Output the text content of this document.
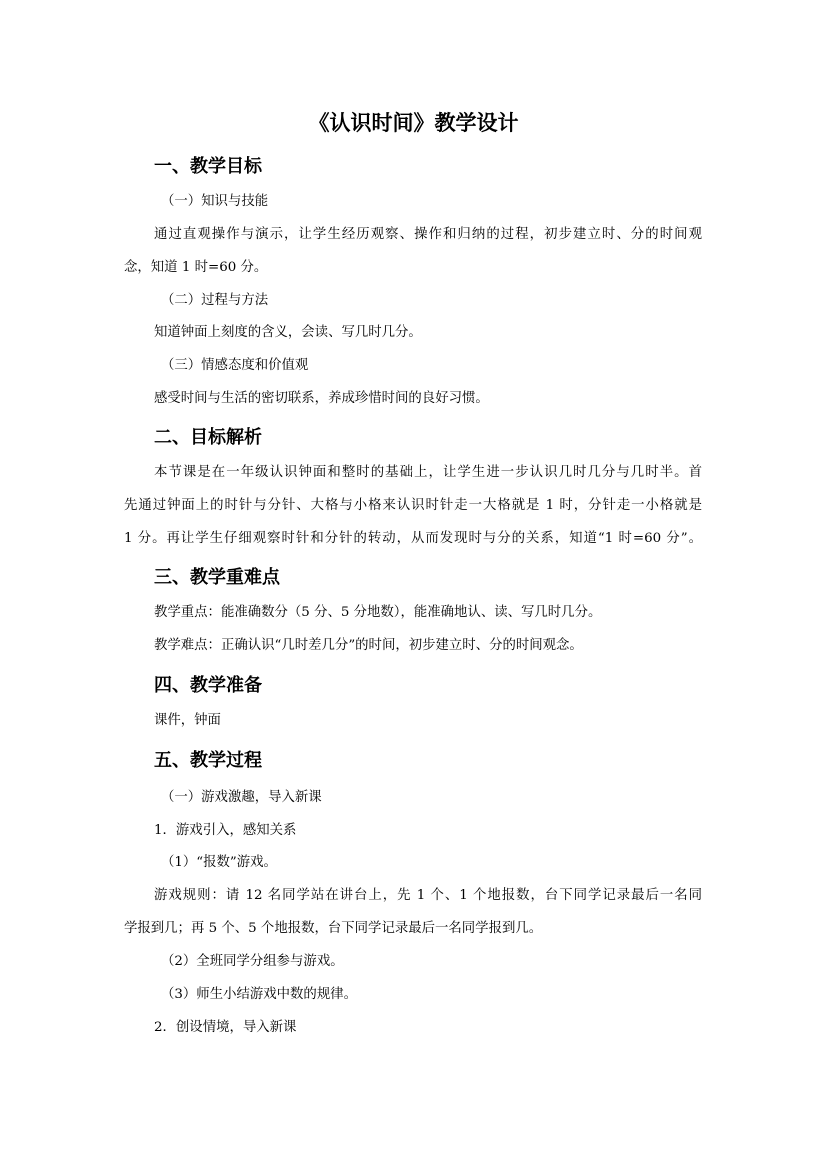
《认识时间》教学设计
一、教学目标
（一）知识与技能
通过直观操作与演示，让学生经历观察、操作和归纳的过程，初步建立时、分的时间观
念，知道 1 时=60 分。
（二）过程与方法
知道钟面上刻度的含义，会读、写几时几分。
（三）情感态度和价值观
感受时间与生活的密切联系，养成珍惜时间的良好习惯。
二、目标解析
本节课是在一年级认识钟面和整时的基础上，让学生进一步认识几时几分与几时半。首
先通过钟面上的时针与分针、大格与小格来认识时针走一大格就是 1 时，分针走一小格就是
1 分。再让学生仔细观察时针和分针的转动，从而发现时与分的关系，知道“1 时=60 分”。
三、教学重难点
教学重点：能准确数分（5 分、5 分地数），能准确地认、读、写几时几分。
教学难点：正确认识“几时差几分”的时间，初步建立时、分的时间观念。
四、教学准备
课件，钟面
五、教学过程
（一）游戏激趣，导入新课
1．游戏引入，感知关系
（1）“报数”游戏。
游戏规则：请 12 名同学站在讲台上，先 1 个、1 个地报数，台下同学记录最后一名同
学报到几；再 5 个、5 个地报数，台下同学记录最后一名同学报到几。
（2）全班同学分组参与游戏。
（3）师生小结游戏中数的规律。
2．创设情境，导入新课
